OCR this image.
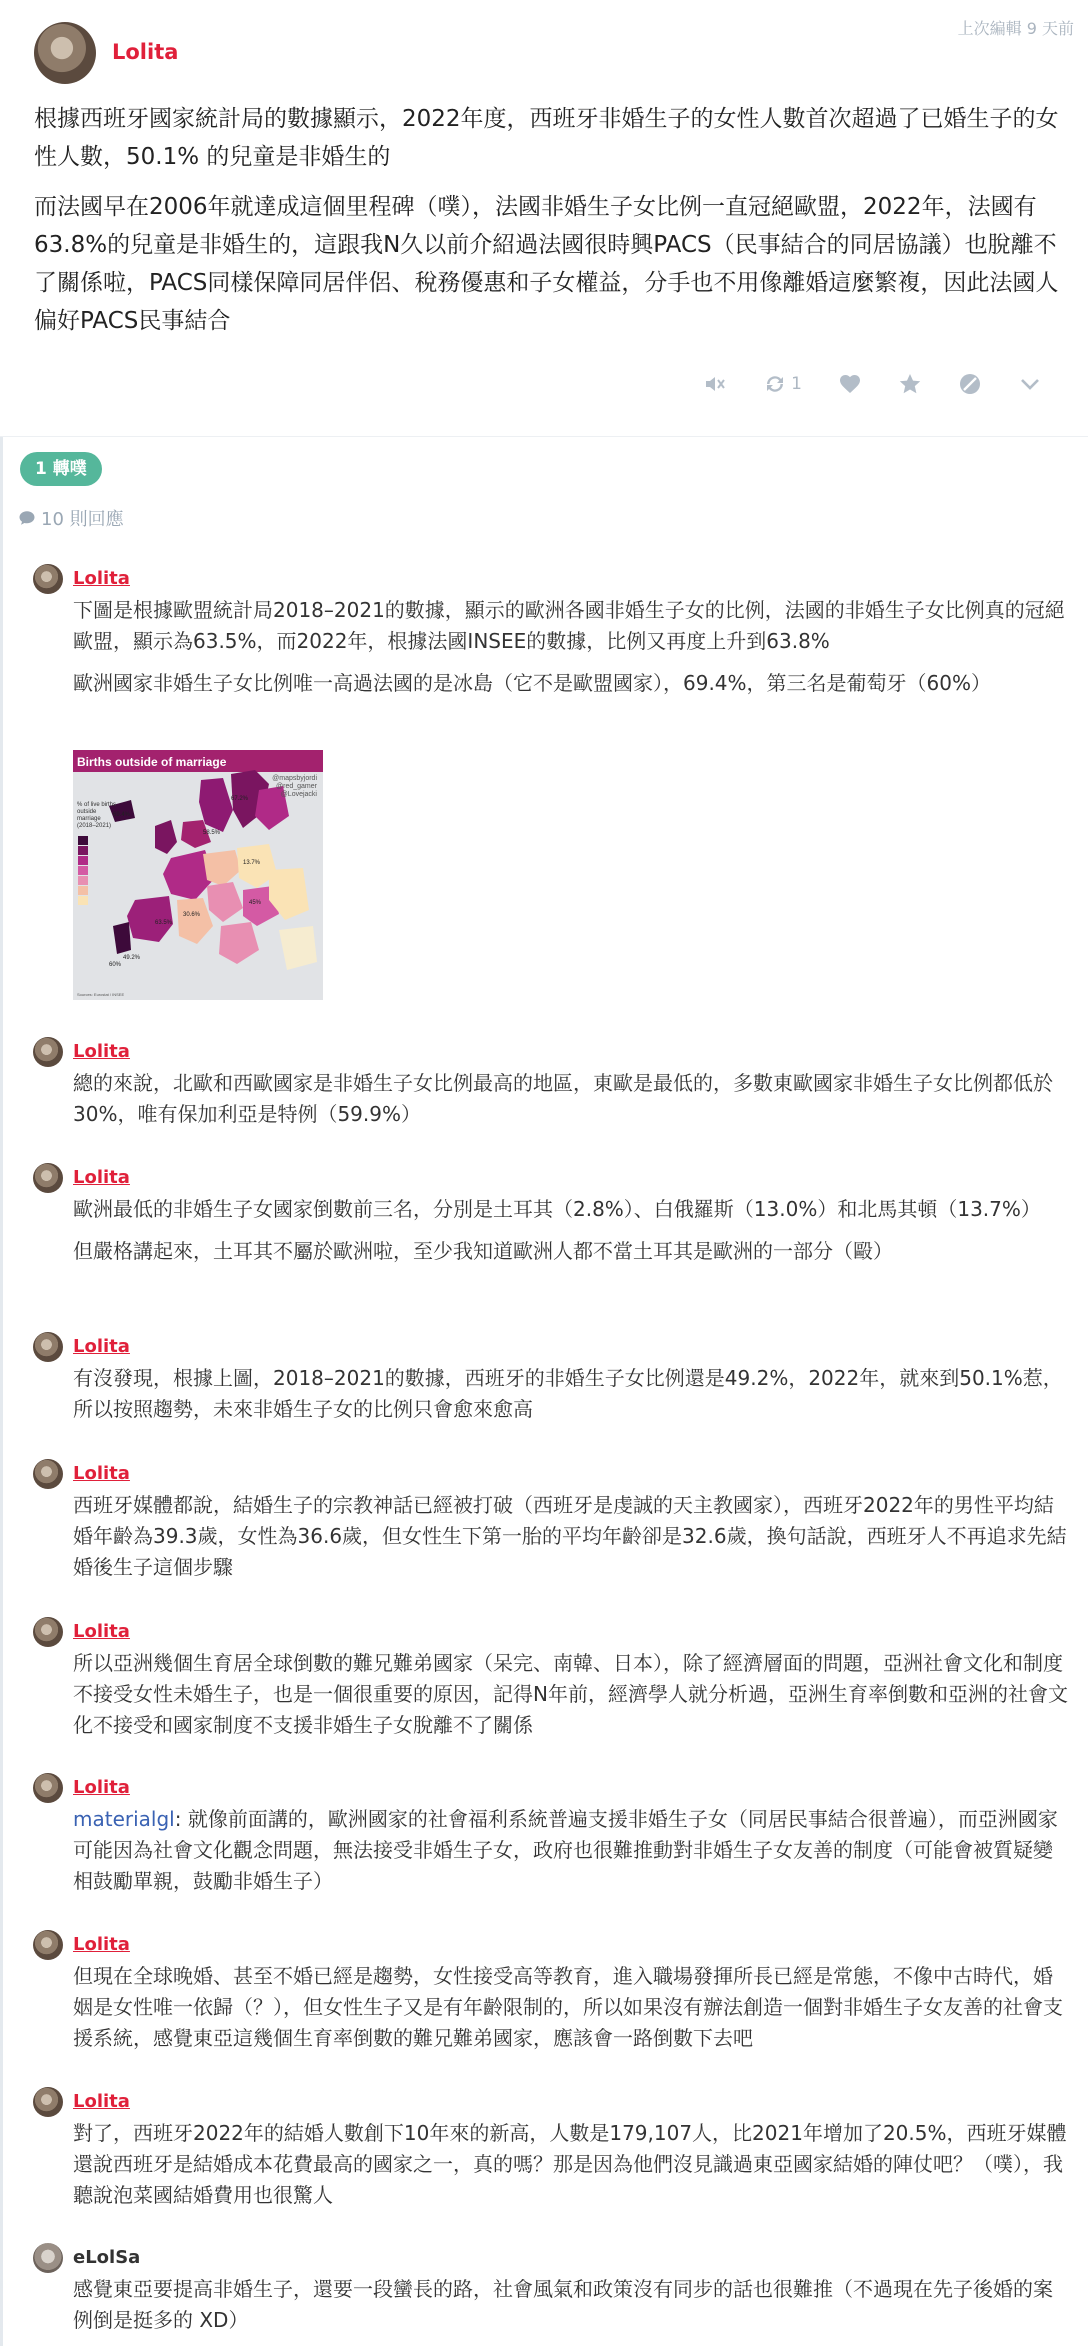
上次編輯 9 天前
Lolita

根據西班牙國家統計局的數據顯示，2022年度，西班牙非婚生子的女性人數首次超過了已婚生子的女性人數，50.1% 的兒童是非婚生的

而法國早在2006年就達成這個里程碑（噗），法國非婚生子女比例一直冠絕歐盟，2022年，法國有63.8%的兒童是非婚生的，這跟我N久以前介紹過法國很時興PACS（民事結合的同居協議）也脫離不了關係啦，PACS同樣保障同居伴侶、稅務優惠和子女權益，分手也不用像離婚這麼繁複，因此法國人偏好PACS民事結合

1
1 轉噗
10 則回應
Lolita

下圖是根據歐盟統計局2018–2021的數據，顯示的歐洲各國非婚生子女的比例，法國的非婚生子女比例真的冠絕歐盟，顯示為63.5%，而2022年，根據法國INSEE的數據，比例又再度上升到63.8%

歐洲國家非婚生子女比例唯一高過法國的是冰島（它不是歐盟國家），69.4%，第三名是葡萄牙（60%）

Births outside of marriage
@mapsbyjordi
@red_gamer
@Lovejacki
% of live births outside marriage (2018–2021)
67.2%
58.5%
63.5%
49.2%
69.4%
60%
13.7%
30.6%
45%
Sources: Eurostat / INSEE
Lolita

總的來說，北歐和西歐國家是非婚生子女比例最高的地區，東歐是最低的，多數東歐國家非婚生子女比例都低於30%，唯有保加利亞是特例（59.9%）

Lolita

歐洲最低的非婚生子女國家倒數前三名，分別是土耳其（2.8%）、白俄羅斯（13.0%）和北馬其頓（13.7%）

但嚴格講起來，土耳其不屬於歐洲啦，至少我知道歐洲人都不當土耳其是歐洲的一部分（毆）

Lolita

有沒發現，根據上圖，2018–2021的數據，西班牙的非婚生子女比例還是49.2%，2022年，就來到50.1%惹，所以按照趨勢，未來非婚生子女的比例只會愈來愈高

Lolita

西班牙媒體都說，結婚生子的宗教神話已經被打破（西班牙是虔誠的天主教國家），西班牙2022年的男性平均結婚年齡為39.3歲，女性為36.6歲，但女性生下第一胎的平均年齡卻是32.6歲，換句話說，西班牙人不再追求先結婚後生子這個步驟

Lolita

所以亞洲幾個生育居全球倒數的難兄難弟國家（呆完、南韓、日本），除了經濟層面的問題，亞洲社會文化和制度不接受女性未婚生子，也是一個很重要的原因，記得N年前，經濟學人就分析過，亞洲生育率倒數和亞洲的社會文化不接受和國家制度不支援非婚生子女脫離不了關係

Lolita

materialgl: 就像前面講的，歐洲國家的社會福利系統普遍支援非婚生子女（同居民事結合很普遍），而亞洲國家可能因為社會文化觀念問題，無法接受非婚生子女，政府也很難推動對非婚生子女友善的制度（可能會被質疑變相鼓勵單親，鼓勵非婚生子）

Lolita

但現在全球晚婚、甚至不婚已經是趨勢，女性接受高等教育，進入職場發揮所長已經是常態，不像中古時代，婚姻是女性唯一依歸（？），但女性生子又是有年齡限制的，所以如果沒有辦法創造一個對非婚生子女友善的社會支援系統，感覺東亞這幾個生育率倒數的難兄難弟國家，應該會一路倒數下去吧

Lolita

對了，西班牙2022年的結婚人數創下10年來的新高，人數是179,107人，比2021年增加了20.5%，西班牙媒體還說西班牙是結婚成本花費最高的國家之一，真的嗎？那是因為他們沒見識過東亞國家結婚的陣仗吧？（噗），我聽說泡菜國結婚費用也很驚人

eLolSa

感覺東亞要提高非婚生子，還要一段蠻長的路，社會風氣和政策沒有同步的話也很難推（不過現在先子後婚的案例倒是挺多的 XD）
